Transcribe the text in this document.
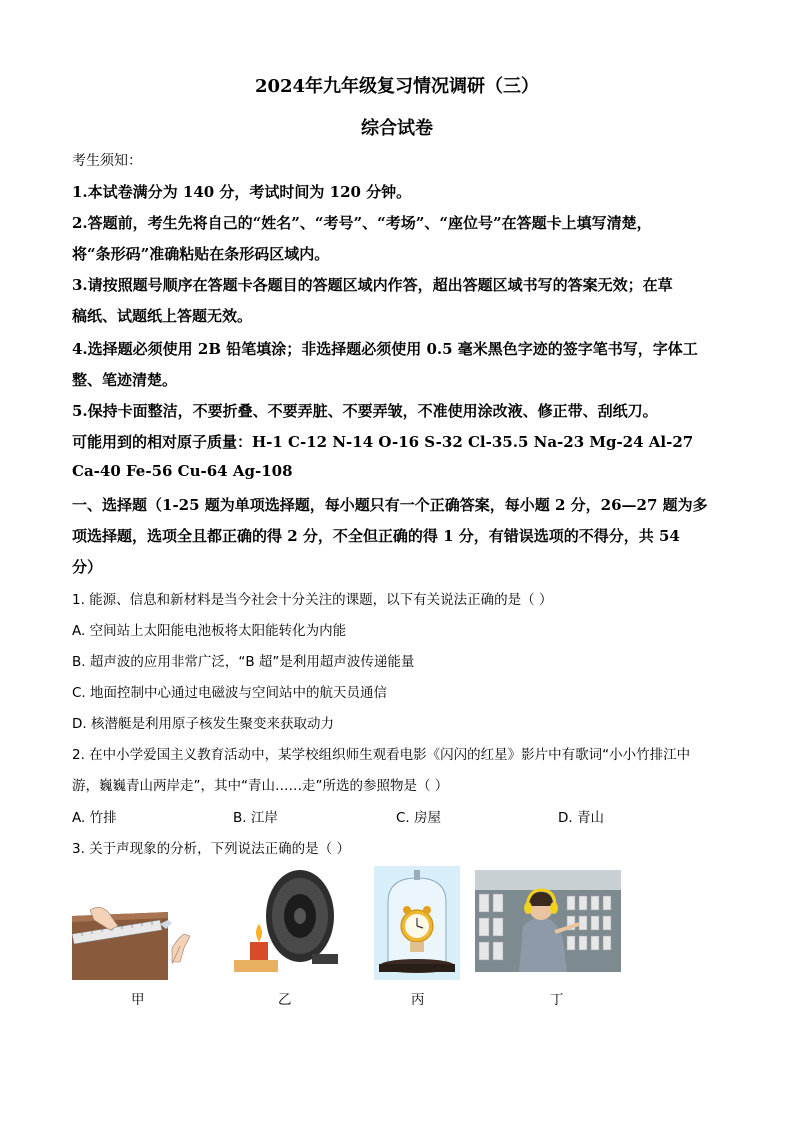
2024年九年级复习情况调研（三）
综合试卷
考生须知：
1.本试卷满分为 140 分，考试时间为 120 分钟。
2.答题前，考生先将自己的“姓名”、“考号”、“考场”、“座位号”在答题卡上填写清楚，
将“条形码”准确粘贴在条形码区域内。
3.请按照题号顺序在答题卡各题目的答题区域内作答，超出答题区域书写的答案无效；在草
稿纸、试题纸上答题无效。
4.选择题必须使用 2B 铅笔填涂；非选择题必须使用 0.5 毫米黑色字迹的签字笔书写，字体工
整、笔迹清楚。
5.保持卡面整洁，不要折叠、不要弄脏、不要弄皱，不准使用涂改液、修正带、刮纸刀。
可能用到的相对原子质量：H-1 C-12 N-14 O-16 S-32 Cl-35.5 Na-23 Mg-24 Al-27
Ca-40 Fe-56 Cu-64 Ag-108
一、选择题（1-25 题为单项选择题，每小题只有一个正确答案，每小题 2 分，26—27 题为多
项选择题，选项全且都正确的得 2 分，不全但正确的得 1 分，有错误选项的不得分，共 54
分）
1. 能源、信息和新材料是当今社会十分关注的课题，以下有关说法正确的是（ ）
A. 空间站上太阳能电池板将太阳能转化为内能
B. 超声波的应用非常广泛，“B 超”是利用超声波传递能量
C. 地面控制中心通过电磁波与空间站中的航天员通信
D. 核潜艇是利用原子核发生聚变来获取动力
2. 在中小学爱国主义教育活动中，某学校组织师生观看电影《闪闪的红星》影片中有歌词“小小竹排江中
游，巍巍青山两岸走”，其中“青山……走”所选的参照物是（ ）
A. 竹排	B. 江岸	C. 房屋	D. 青山
3. 关于声现象的分析，下列说法正确的是（ ）
甲	乙	丙	丁
